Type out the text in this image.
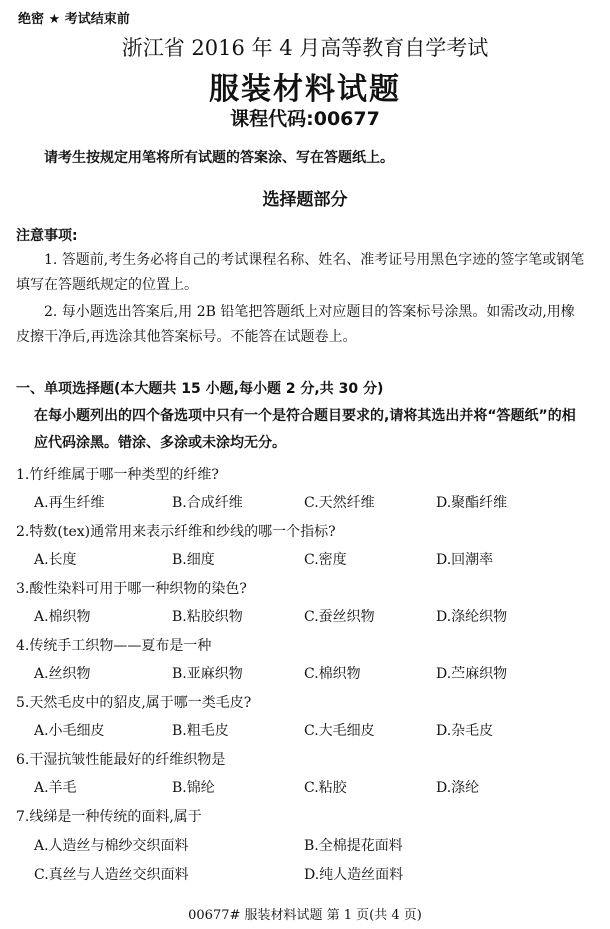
绝密 ★ 考试结束前
浙江省 2016 年 4 月高等教育自学考试
服装材料试题
课程代码:00677
请考生按规定用笔将所有试题的答案涂、写在答题纸上。
选择题部分
注意事项:
1. 答题前,考生务必将自己的考试课程名称、姓名、准考证号用黑色字迹的签字笔或钢笔
填写在答题纸规定的位置上。
2. 每小题选出答案后,用 2B 铅笔把答题纸上对应题目的答案标号涂黑。如需改动,用橡
皮擦干净后,再选涂其他答案标号。不能答在试题卷上。
一、单项选择题(本大题共 15 小题,每小题 2 分,共 30 分)
在每小题列出的四个备选项中只有一个是符合题目要求的,请将其选出并将“答题纸”的相
应代码涂黑。错涂、多涂或未涂均无分。
1.竹纤维属于哪一种类型的纤维?
A.再生纤维	B.合成纤维	C.天然纤维	D.聚酯纤维
2.特数(tex)通常用来表示纤维和纱线的哪一个指标?
A.长度	B.细度	C.密度	D.回潮率
3.酸性染料可用于哪一种织物的染色?
A.棉织物	B.粘胶织物	C.蚕丝织物	D.涤纶织物
4.传统手工织物——夏布是一种
A.丝织物	B.亚麻织物	C.棉织物	D.苎麻织物
5.天然毛皮中的貂皮,属于哪一类毛皮?
A.小毛细皮	B.粗毛皮	C.大毛细皮	D.杂毛皮
6.干湿抗皱性能最好的纤维织物是
A.羊毛	B.锦纶	C.粘胶	D.涤纶
7.线绨是一种传统的面料,属于
A.人造丝与棉纱交织面料	B.全棉提花面料
C.真丝与人造丝交织面料	D.纯人造丝面料
00677# 服装材料试题 第 1 页(共 4 页)
